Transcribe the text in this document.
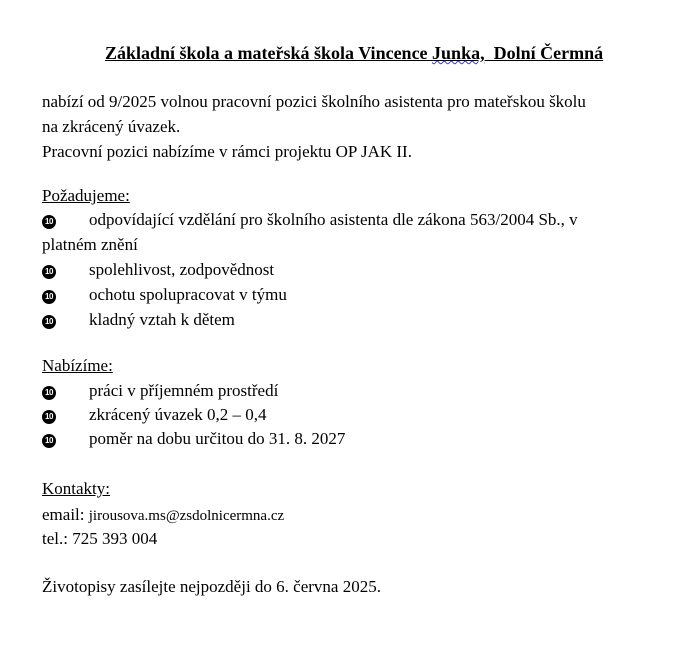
Základní škola a mateřská škola Vincence Junka,  Dolní Čermná
nabízí od 9/2025 volnou pracovní pozici školního asistenta pro mateřskou školu
na zkrácený úvazek.
Pracovní pozici nabízíme v rámci projektu OP JAK II.
Požadujeme:
10 odpovídající vzdělání pro školního asistenta dle zákona 563/2004 Sb., v
platném znění
10 spolehlivost, zodpovědnost
10 ochotu spolupracovat v týmu
10 kladný vztah k dětem
Nabízíme:
10 práci v příjemném prostředí
10 zkrácený úvazek 0,2 – 0,4
10 poměr na dobu určitou do 31. 8. 2027
Kontakty:
email: jirousova.ms@zsdolnicermna.cz
tel.: 725 393 004
Životopisy zasílejte nejpozději do 6. června 2025.
